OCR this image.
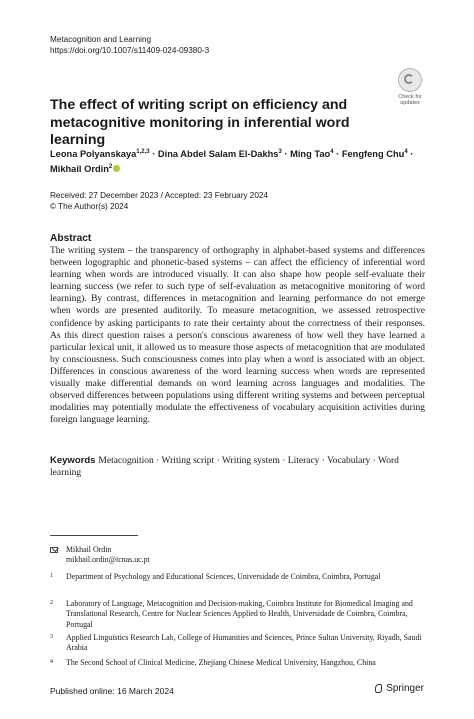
Metacognition and Learning
https://doi.org/10.1007/s11409-024-09380-3
Check for
updates
The effect of writing script on efficiency and metacognitive monitoring in inferential word learning
Leona Polyanskaya$^{1,2,3}$ · Dina Abdel Salam El-Dakhs$^3$ · Ming Tao$^4$ · Fengfeng Chu$^4$ ·
Mikhail Ordin$^2$
Received: 27 December 2023 / Accepted: 23 February 2024
© The Author(s) 2024
Abstract

The writing system – the transparency of orthography in alphabet-based systems and differences between logographic and phonetic-based systems – can affect the efficiency of inferential word learning when words are introduced visually. It can also shape how people self-evaluate their learning success (we refer to such type of self-evaluation as metacognitive monitoring of word learning). By contrast, differences in metacognition and learning performance do not emerge when words are presented auditorily. To measure metacognition, we assessed retrospective confidence by asking participants to rate their certainty about the correctness of their responses. As this direct question raises a person's conscious awareness of how well they have learned a particular lexical unit, it allowed us to measure those aspects of metacognition that are modulated by consciousness. Such consciousness comes into play when a word is associated with an object. Differences in conscious awareness of the word learning success when words are represented visually make differential demands on word learning across languages and modalities. The observed differences between populations using different writing systems and between perceptual modalities may potentially modulate the effectiveness of vocabulary acquisition activities during foreign language learning.

Keywords Metacognition · Writing script · Writing system · Literacy · Vocabulary · Word learning

Mikhail Ordin
mikhail.ordin@icnas.uc.pt
1 Department of Psychology and Educational Sciences, Universidade de Coimbra, Coimbra, Portugal
2 Laboratory of Language, Metacognition and Decision-making, Coimbra Institute for Biomedical Imaging and Translational Research, Centre for Nuclear Sciences Applied to Health, Universidade de Coimbra, Coimbra, Portugal
3 Applied Linguistics Research Lab, College of Humanities and Sciences, Prince Sultan University, Riyadh, Saudi Arabia
4 The Second School of Clinical Medicine, Zhejiang Chinese Medical University, Hangzhou, China
Published online: 16 March 2024	Springer
